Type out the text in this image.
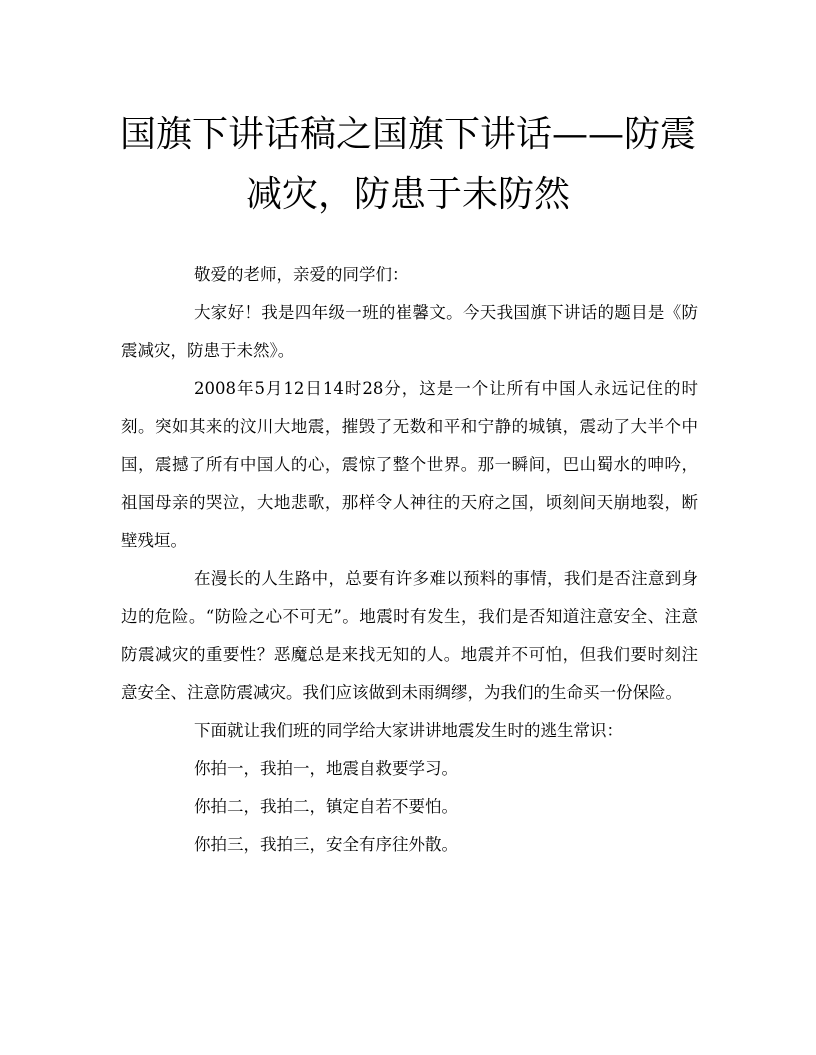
国旗下讲话稿之国旗下讲话——防震
减灾，防患于未防然

敬爱的老师，亲爱的同学们：

大家好！我是四年级一班的崔馨文。今天我国旗下讲话的题目是《防震减灾，防患于未然》。

2008年5月12日14时28分，这是一个让所有中国人永远记住的时刻。突如其来的汶川大地震，摧毁了无数和平和宁静的城镇，震动了大半个中国，震撼了所有中国人的心，震惊了整个世界。那一瞬间，巴山蜀水的呻吟，祖国母亲的哭泣，大地悲歌，那样令人神往的天府之国，顷刻间天崩地裂，断壁残垣。

在漫长的人生路中，总要有许多难以预料的事情，我们是否注意到身边的危险。“防险之心不可无”。地震时有发生，我们是否知道注意安全、注意防震减灾的重要性？恶魔总是来找无知的人。地震并不可怕，但我们要时刻注意安全、注意防震减灾。我们应该做到未雨绸缪，为我们的生命买一份保险。

下面就让我们班的同学给大家讲讲地震发生时的逃生常识：

你拍一，我拍一，地震自救要学习。

你拍二，我拍二，镇定自若不要怕。

你拍三，我拍三，安全有序往外散。
